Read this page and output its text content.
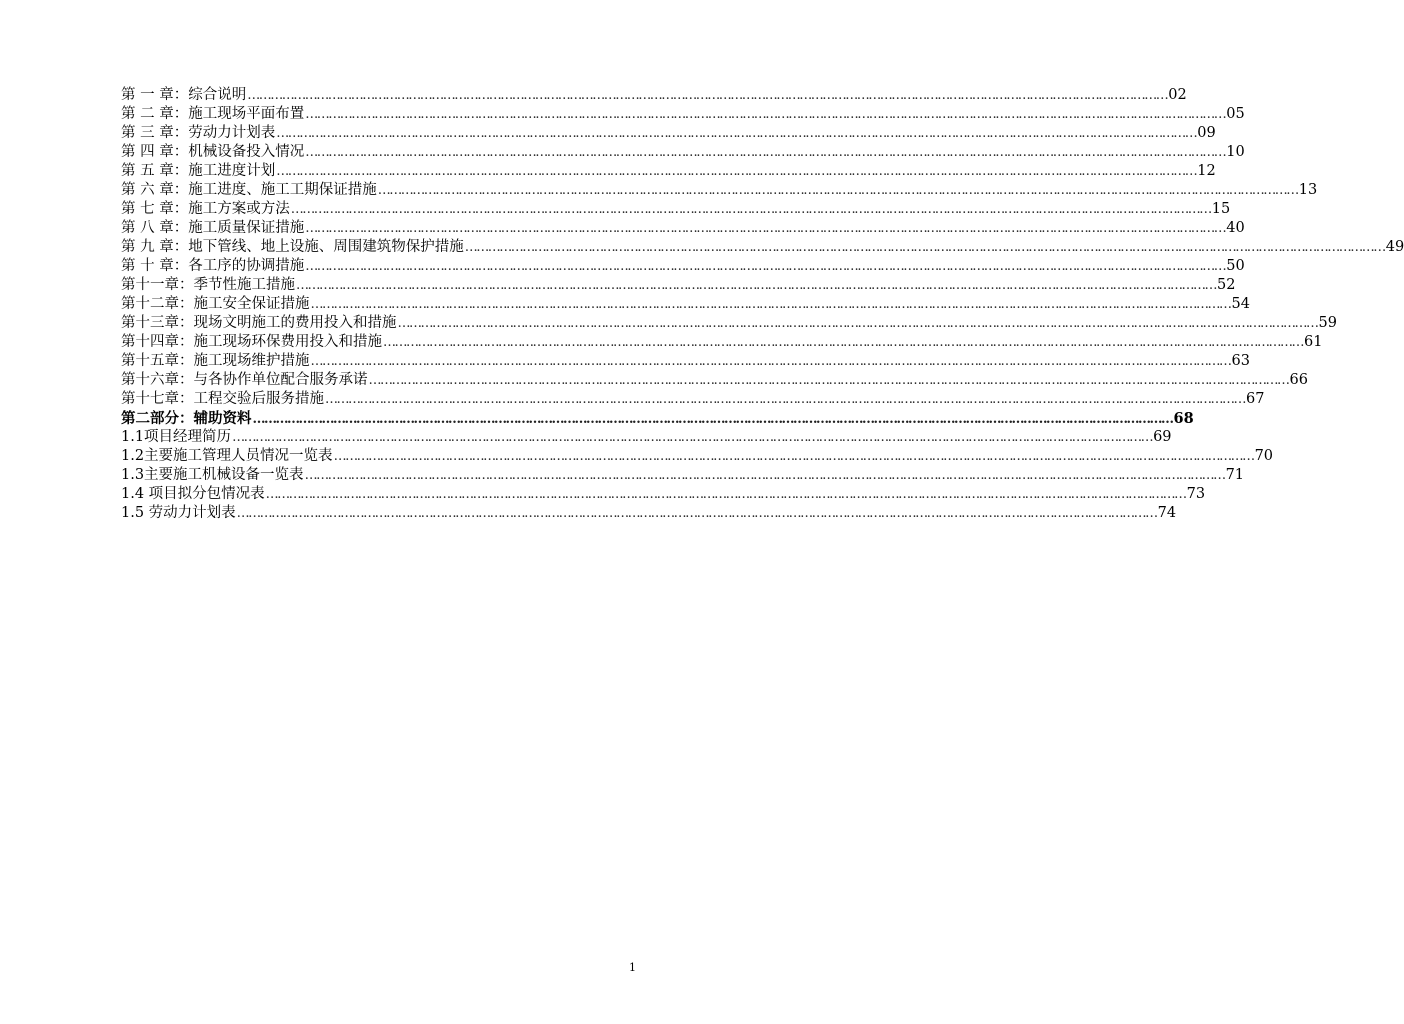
第 一 章：综合说明 …………………………………………………………………………………………………………………………………………………………………………………………………………………… 02
第 二 章：施工现场平面布置 …………………………………………………………………………………………………………………………………………………………………………………………………………………… 05
第 三 章：劳动力计划表 …………………………………………………………………………………………………………………………………………………………………………………………………………………… 09
第 四 章：机械设备投入情况 …………………………………………………………………………………………………………………………………………………………………………………………………………………… 10
第 五 章：施工进度计划 …………………………………………………………………………………………………………………………………………………………………………………………………………………… 12
第 六 章：施工进度、施工工期保证措施 …………………………………………………………………………………………………………………………………………………………………………………………………………………… 13
第 七 章：施工方案或方法 …………………………………………………………………………………………………………………………………………………………………………………………………………………… 15
第 八 章：施工质量保证措施 …………………………………………………………………………………………………………………………………………………………………………………………………………………… 40
第 九 章：地下管线、地上设施、周围建筑物保护措施 …………………………………………………………………………………………………………………………………………………………………………………………………………………… 49
第 十 章：各工序的协调措施 …………………………………………………………………………………………………………………………………………………………………………………………………………………… 50
第十一章：季节性施工措施 …………………………………………………………………………………………………………………………………………………………………………………………………………………… 52
第十二章：施工安全保证措施 …………………………………………………………………………………………………………………………………………………………………………………………………………………… 54
第十三章：现场文明施工的费用投入和措施 …………………………………………………………………………………………………………………………………………………………………………………………………………………… 59
第十四章：施工现场环保费用投入和措施 …………………………………………………………………………………………………………………………………………………………………………………………………………………… 61
第十五章：施工现场维护措施 …………………………………………………………………………………………………………………………………………………………………………………………………………………… 63
第十六章：与各协作单位配合服务承诺 …………………………………………………………………………………………………………………………………………………………………………………………………………………… 66
第十七章：工程交验后服务措施 …………………………………………………………………………………………………………………………………………………………………………………………………………………… 67
第二部分：辅助资料 …………………………………………………………………………………………………………………………………………………………………………………………………………………… 68
1.1项目经理简历 …………………………………………………………………………………………………………………………………………………………………………………………………………………… 69
1.2主要施工管理人员情况一览表 …………………………………………………………………………………………………………………………………………………………………………………………………………………… 70
1.3主要施工机械设备一览表 …………………………………………………………………………………………………………………………………………………………………………………………………………………… 71
1.4 项目拟分包情况表 …………………………………………………………………………………………………………………………………………………………………………………………………………………… 73
1.5 劳动力计划表 …………………………………………………………………………………………………………………………………………………………………………………………………………………… 74
1
